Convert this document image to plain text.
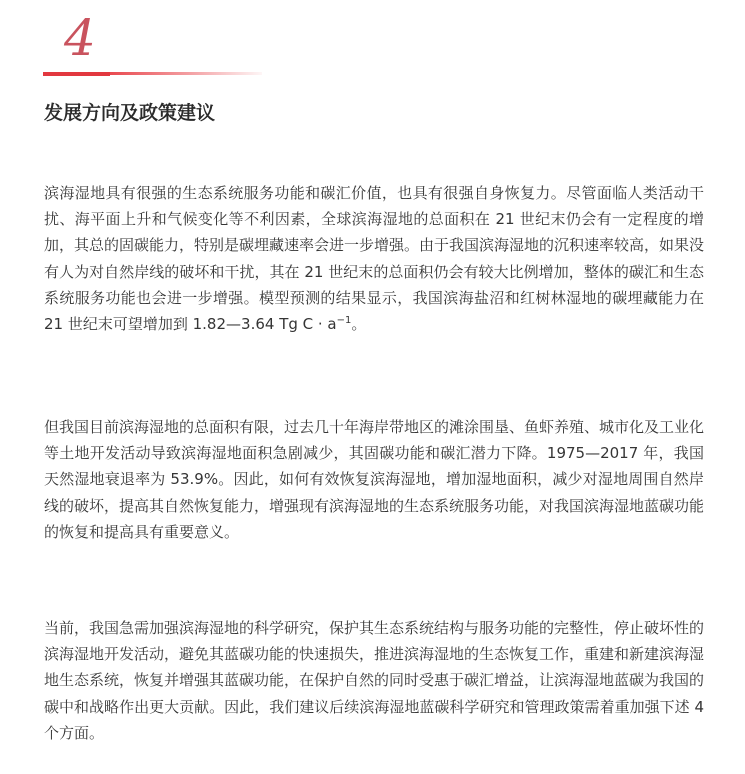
4
发展方向及政策建议

滨海湿地具有很强的生态系统服务功能和碳汇价值，也具有很强自身恢复力。尽管面临人类活动干扰、海平面上升和气候变化等不利因素，全球滨海湿地的总面积在 21 世纪末仍会有一定程度的增加，其总的固碳能力，特别是碳埋藏速率会进一步增强。由于我国滨海湿地的沉积速率较高，如果没有人为对自然岸线的破坏和干扰，其在 21 世纪末的总面积仍会有较大比例增加，整体的碳汇和生态系统服务功能也会进一步增强。模型预测的结果显示，我国滨海盐沼和红树林湿地的碳埋藏能力在 21 世纪末可望增加到 1.82—3.64 Tg $C \cdot a^{-1}$。

但我国目前滨海湿地的总面积有限，过去几十年海岸带地区的滩涂围垦、鱼虾养殖、城市化及工业化等土地开发活动导致滨海湿地面积急剧减少，其固碳功能和碳汇潜力下降。1975—2017 年，我国天然湿地衰退率为 53.9%。因此，如何有效恢复滨海湿地，增加湿地面积，减少对湿地周围自然岸线的破坏，提高其自然恢复能力，增强现有滨海湿地的生态系统服务功能，对我国滨海湿地蓝碳功能的恢复和提高具有重要意义。

当前，我国急需加强滨海湿地的科学研究，保护其生态系统结构与服务功能的完整性，停止破坏性的滨海湿地开发活动，避免其蓝碳功能的快速损失，推进滨海湿地的生态恢复工作，重建和新建滨海湿地生态系统，恢复并增强其蓝碳功能，在保护自然的同时受惠于碳汇增益，让滨海湿地蓝碳为我国的碳中和战略作出更大贡献。因此，我们建议后续滨海湿地蓝碳科学研究和管理政策需着重加强下述 4 个方面。
